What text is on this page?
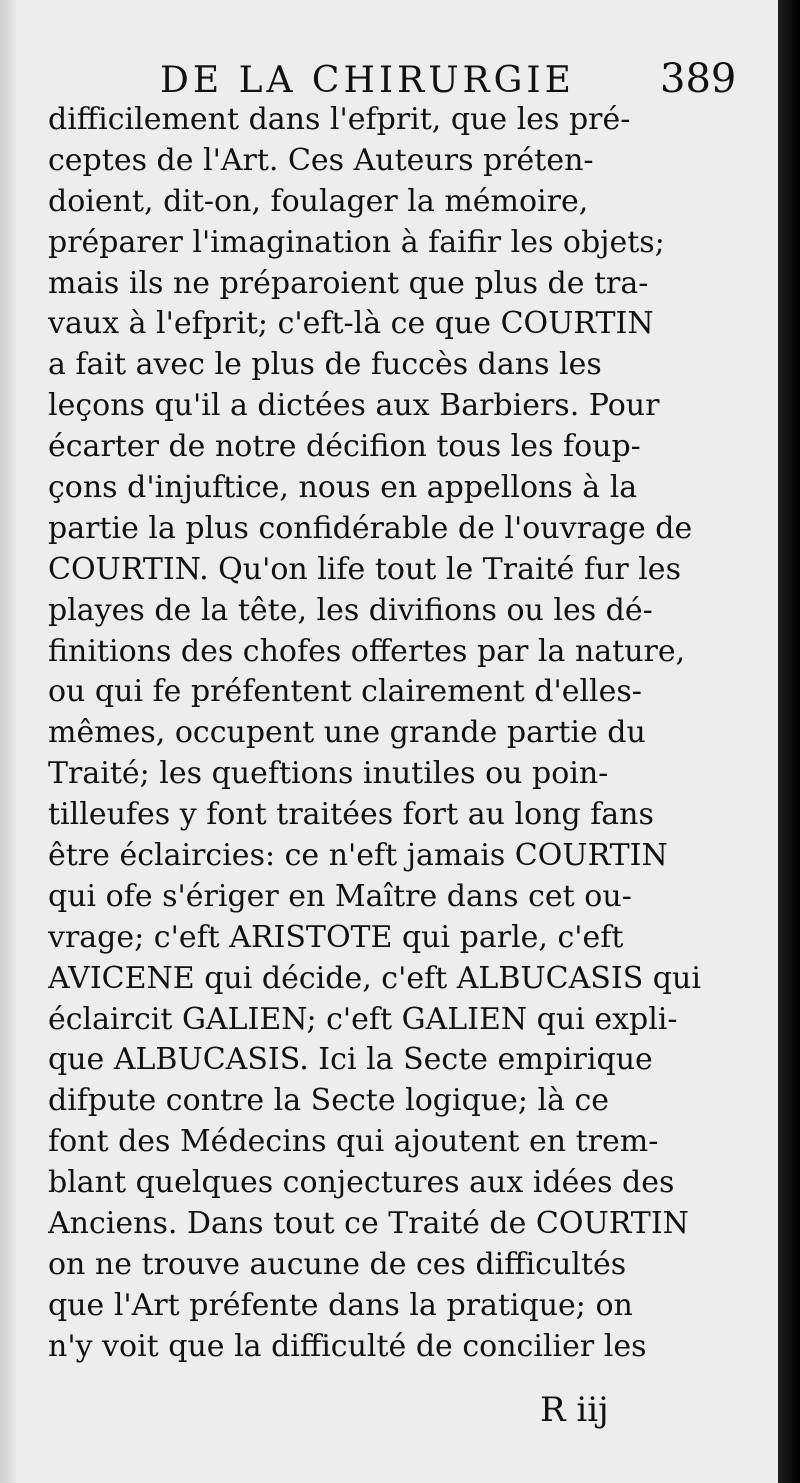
DE LA CHIRURGIE 389
difficilement dans l'efprit, que les pré-
ceptes de l'Art. Ces Auteurs préten-
doient, dit-on, foulager la mémoire,
préparer l'imagination à faifir les objets;
mais ils ne préparoient que plus de tra-
vaux à l'efprit; c'eft-là ce que COURTIN
a fait avec le plus de fuccès dans les
leçons qu'il a dictées aux Barbiers. Pour
écarter de notre décifion tous les foup-
çons d'injuftice, nous en appellons à la
partie la plus confidérable de l'ouvrage de
COURTIN. Qu'on life tout le Traité fur les
playes de la tête, les divifions ou les dé-
finitions des chofes offertes par la nature,
ou qui fe préfentent clairement d'elles-
mêmes, occupent une grande partie du
Traité; les queftions inutiles ou poin-
tilleufes y font traitées fort au long fans
être éclaircies: ce n'eft jamais COURTIN
qui ofe s'ériger en Maître dans cet ou-
vrage; c'eft ARISTOTE qui parle, c'eft
AVICENE qui décide, c'eft ALBUCASIS qui
éclaircit GALIEN; c'eft GALIEN qui expli-
que ALBUCASIS. Ici la Secte empirique
difpute contre la Secte logique; là ce
font des Médecins qui ajoutent en trem-
blant quelques conjectures aux idées des
Anciens. Dans tout ce Traité de COURTIN
on ne trouve aucune de ces difficultés
que l'Art préfente dans la pratique; on
n'y voit que la difficulté de concilier les
R iij
